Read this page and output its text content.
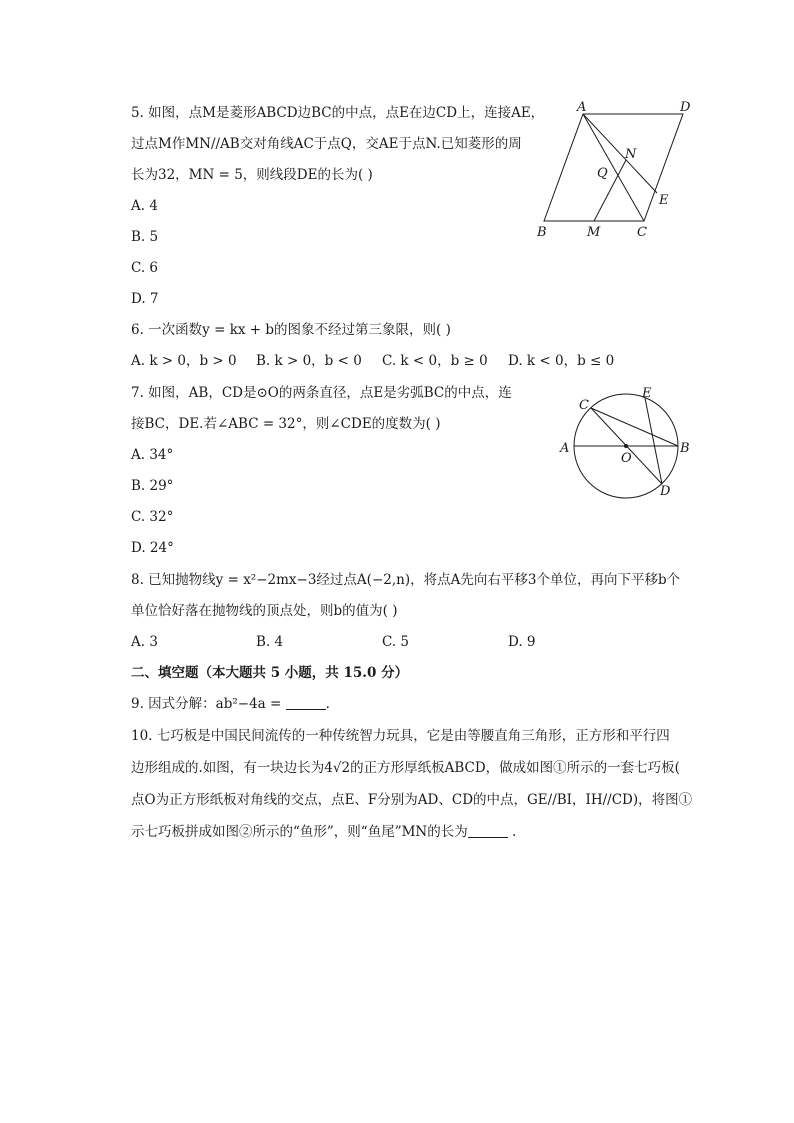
5. 如图，点M是菱形ABCD边BC的中点，点E在边CD上，连接AE，
过点M作MN//AB交对角线AC于点Q，交AE于点N.已知菱形的周
长为32，MN = 5，则线段DE的长为( )
A. 4
B. 5
C. 6
D. 7
A	D
N
Q
E
B	M	C
6. 一次函数y = kx + b的图象不经过第三象限，则( )
A. k > 0，b > 0 B. k > 0，b < 0 C. k < 0，b ≥ 0 D. k < 0，b ≤ 0
7. 如图，AB，CD是⊙O的两条直径，点E是劣弧BC的中点，连
接BC，DE.若∠ABC = 32°，则∠CDE的度数为( )
A. 34°
B. 29°
C. 32°
D. 24°
C
E
A
O
B
D
8. 已知抛物线y = x²−2mx−3经过点A(−2,n)，将点A先向右平移3个单位，再向下平移b个
单位恰好落在抛物线的顶点处，则b的值为( )
A. 3	B. 4	C. 5	D. 9
二、填空题（本大题共 5 小题，共 15.0 分）
9. 因式分解：ab²−4a =	.
10. 七巧板是中国民间流传的一种传统智力玩具，它是由等腰直角三角形，正方形和平行四
边形组成的.如图，有一块边长为4√2的正方形厚纸板ABCD，做成如图①所示的一套七巧板(
点O为正方形纸板对角线的交点，点E、F分别为AD、CD的中点，GE//BI，IH//CD)，将图①
示七巧板拼成如图②所示的“鱼形”，则“鱼尾”MN的长为	.
